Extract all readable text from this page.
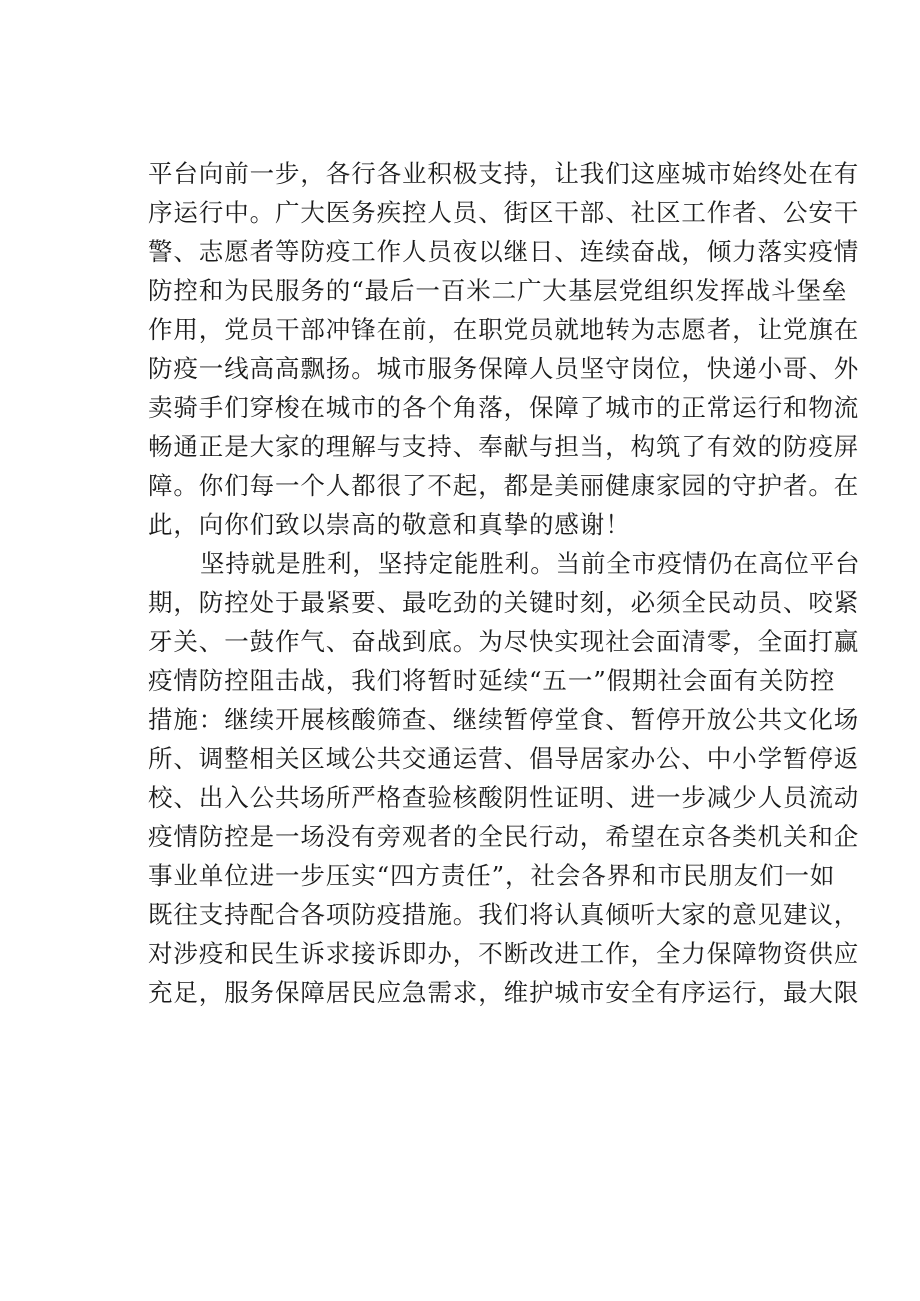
平台向前一步，各行各业积极支持，让我们这座城市始终处在有
序运行中。广大医务疾控人员、街区干部、社区工作者、公安干
警、志愿者等防疫工作人员夜以继日、连续奋战，倾力落实疫情
防控和为民服务的“最后一百米二广大基层党组织发挥战斗堡垒
作用，党员干部冲锋在前，在职党员就地转为志愿者，让党旗在
防疫一线高高飘扬。城市服务保障人员坚守岗位，快递小哥、外
卖骑手们穿梭在城市的各个角落，保障了城市的正常运行和物流
畅通正是大家的理解与支持、奉献与担当，构筑了有效的防疫屏
障。你们每一个人都很了不起，都是美丽健康家园的守护者。在
此，向你们致以崇高的敬意和真挚的感谢！
坚持就是胜利，坚持定能胜利。当前全市疫情仍在高位平台
期，防控处于最紧要、最吃劲的关键时刻，必须全民动员、咬紧
牙关、一鼓作气、奋战到底。为尽快实现社会面清零，全面打赢
疫情防控阻击战，我们将暂时延续“五一”假期社会面有关防控
措施：继续开展核酸筛查、继续暂停堂食、暂停开放公共文化场
所、调整相关区域公共交通运营、倡导居家办公、中小学暂停返
校、出入公共场所严格查验核酸阴性证明、进一步减少人员流动
疫情防控是一场没有旁观者的全民行动，希望在京各类机关和企
事业单位进一步压实“四方责任”，社会各界和市民朋友们一如
既往支持配合各项防疫措施。我们将认真倾听大家的意见建议，
对涉疫和民生诉求接诉即办，不断改进工作，全力保障物资供应
充足，服务保障居民应急需求，维护城市安全有序运行，最大限
